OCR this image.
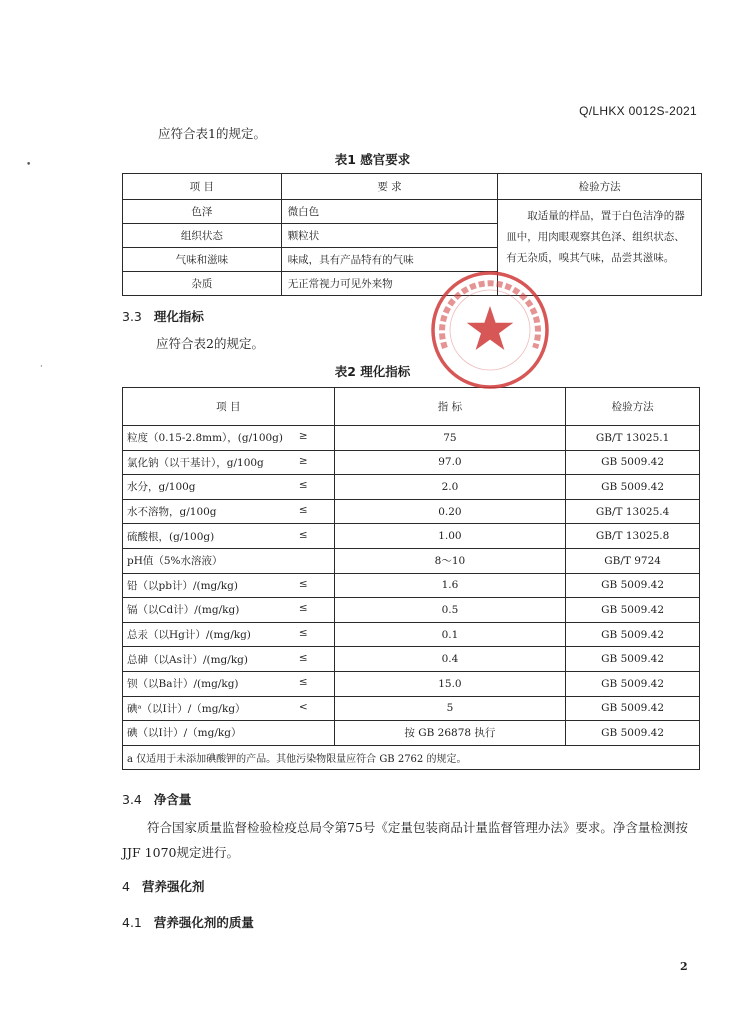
Q/LHKX 0012S-2021
应符合表1的规定。
表1 感官要求
项 目	要 求	检验方法
色泽	微白色	取适量的样品，置于白色洁净的器皿中，用肉眼观察其色泽、组织状态、有无杂质，嗅其气味，品尝其滋味。
组织状态	颗粒状	
气味和滋味	味咸，具有产品特有的气味	
杂质	无正常视力可见外来物	
3.3 理化指标
应符合表2的规定。
表2 理化指标
项 目	指 标	检验方法
粒度（0.15-2.8mm），(g/100g) ≥	75	GB/T 13025.1
氯化钠（以干基计），g/100g ≥	97.0	GB 5009.42
水分，g/100g ≤	2.0	GB 5009.42
水不溶物，g/100g ≤	0.20	GB/T 13025.4
硫酸根，(g/100g) ≤	1.00	GB/T 13025.8
pH值（5%水溶液）	8～10	GB/T 9724
铅（以pb计）/(mg/kg) ≤	1.6	GB 5009.42
镉（以Cd计）/(mg/kg) ≤	0.5	GB 5009.42
总汞（以Hg计）/(mg/kg) ≤	0.1	GB 5009.42
总砷（以As计）/(mg/kg) ≤	0.4	GB 5009.42
钡（以Ba计）/(mg/kg) ≤	15.0	GB 5009.42
碘ᵃ（以I计）/（mg/kg） <	5	GB 5009.42
碘（以I计）/（mg/kg）	按 GB 26878 执行	GB 5009.42
a 仅适用于未添加碘酸钾的产品。其他污染物限量应符合 GB 2762 的规定。		
3.4 净含量
符合国家质量监督检验检疫总局令第75号《定量包装商品计量监督管理办法》要求。净含量检测按JJF 1070规定进行。
4 营养强化剂
4.1 营养强化剂的质量
2
•
·
